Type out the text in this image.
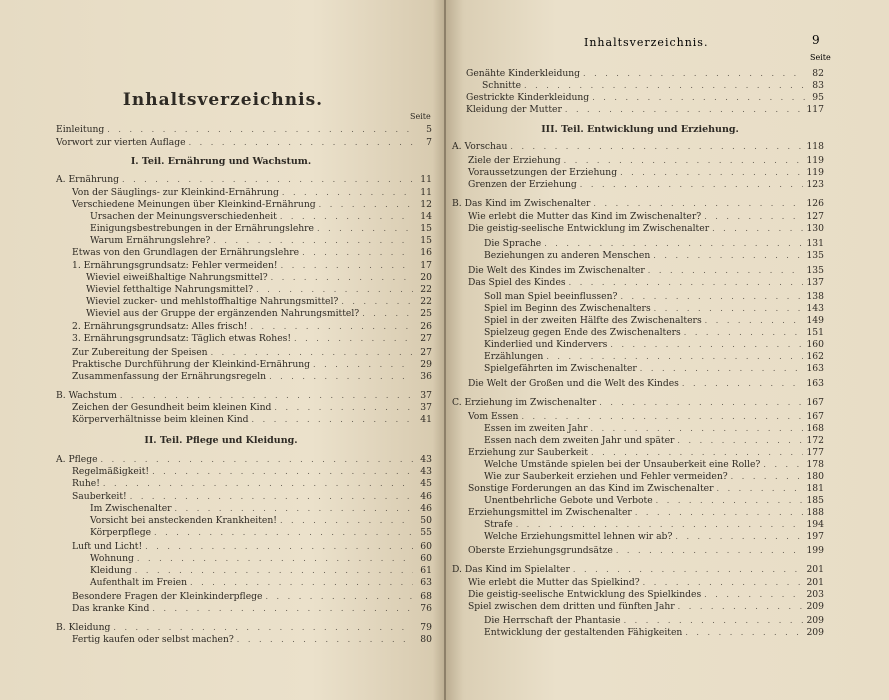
Inhaltsverzeichnis.
Seite
Einleitung . . .	5
Vorwort zur vierten Auflage . . .	7
I. Teil. Ernährung und Wachstum.
A. Ernährung . . .	11
Von der Säuglings- zur Kleinkind-Ernährung . . .	11
Verschiedene Meinungen über Kleinkind-Ernährung . . .	12
Ursachen der Meinungsverschiedenheit . . .	14
Einigungsbestrebungen in der Ernährungslehre . . .	15
Warum Ernährungslehre? . . .	15
Etwas von den Grundlagen der Ernährungslehre . . .	16
1. Ernährungsgrundsatz: Fehler vermeiden! . . .	17
Wieviel eiweißhaltige Nahrungsmittel? . . .	20
Wieviel fetthaltige Nahrungsmittel? . . .	22
Wieviel zucker- und mehlstoffhaltige Nahrungsmittel? . . .	22
Wieviel aus der Gruppe der ergänzenden Nahrungsmittel? . . .	25
2. Ernährungsgrundsatz: Alles frisch! . . .	26
3. Ernährungsgrundsatz: Täglich etwas Rohes! . . .	27
Zur Zubereitung der Speisen . . .	27
Praktische Durchführung der Kleinkind-Ernährung . . .	29
Zusammenfassung der Ernährungsregeln . . .	36
B. Wachstum . . .	37
Zeichen der Gesundheit beim kleinen Kind . . .	37
Körperverhältnisse beim kleinen Kind . . .	41
II. Teil. Pflege und Kleidung.
A. Pflege . . .	43
Regelmäßigkeit! . . .	43
Ruhe! . . .	45
Sauberkeit! . . .	46
Im Zwischenalter . . .	46
Vorsicht bei ansteckenden Krankheiten! . . .	50
Körperpflege . . .	55
Luft und Licht! . . .	60
Wohnung . . .	60
Kleidung . . .	61
Aufenthalt im Freien . . .	63
Besondere Fragen der Kleinkinderpflege . . .	68
Das kranke Kind . . .	76
B. Kleidung . . .	79
Fertig kaufen oder selbst machen? . . .	80
Genähte Kinderkleidung . . .	82
Schnitte . . .	83
Gestrickte Kinderkleidung . . .	95
Kleidung der Mutter . . .	117
III. Teil. Entwicklung und Erziehung.
A. Vorschau . . .	118
Ziele der Erziehung . . .	119
Voraussetzungen der Erziehung . . .	119
Grenzen der Erziehung . . .	123
B. Das Kind im Zwischenalter . . .	126
Wie erlebt die Mutter das Kind im Zwischenalter? . . .	127
Die geistig-seelische Entwicklung im Zwischenalter . . .	130
Die Sprache . . .	131
Beziehungen zu anderen Menschen . . .	135
Die Welt des Kindes im Zwischenalter . . .	135
Das Spiel des Kindes . . .	137
Soll man Spiel beeinflussen? . . .	138
Spiel im Beginn des Zwischenalters . . .	143
Spiel in der zweiten Hälfte des Zwischenalters . . .	149
Spielzeug gegen Ende des Zwischenalters . . .	151
Kinderlied und Kindervers . . .	160
Erzählungen . . .	162
Spielgefährten im Zwischenalter . . .	163
Die Welt der Großen und die Welt des Kindes . . .	163
C. Erziehung im Zwischenalter . . .	167
Vom Essen . . .	167
Essen im zweiten Jahr . . .	168
Essen nach dem zweiten Jahr und später . . .	172
Erziehung zur Sauberkeit . . .	177
Welche Umstände spielen bei der Unsauberkeit eine Rolle? . . .	178
Wie zur Sauberkeit erziehen und Fehler vermeiden? . . .	180
Sonstige Forderungen an das Kind im Zwischenalter . . .	181
Unentbehrliche Gebote und Verbote . . .	185
Erziehungsmittel im Zwischenalter . . .	188
Strafe . . .	194
Welche Erziehungsmittel lehnen wir ab? . . .	197
Oberste Erziehungsgrundsätze . . .	199
D. Das Kind im Spielalter . . .	201
Wie erlebt die Mutter das Spielkind? . . .	201
Die geistig-seelische Entwicklung des Spielkindes . . .	203
Spiel zwischen dem dritten und fünften Jahr . . .	209
Die Herrschaft der Phantasie . . .	209
Entwicklung der gestaltenden Fähigkeiten . . .	209
Inhaltsverzeichnis.	9
Seite
